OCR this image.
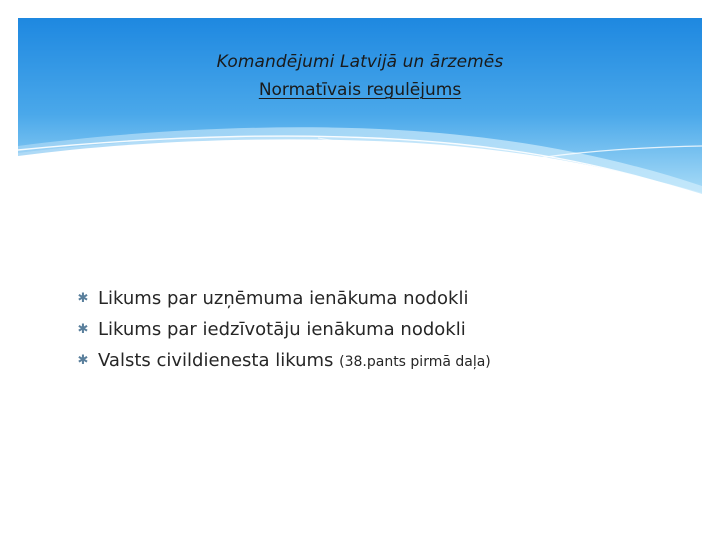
Komandējumi Latvijā un ārzemēs
Normatīvais regulējums
✱ Likums par uzņēmuma ienākuma nodokli
✱ Likums par iedzīvotāju ienākuma nodokli
✱ Valsts civildienesta likums (38.pants pirmā daļa)
